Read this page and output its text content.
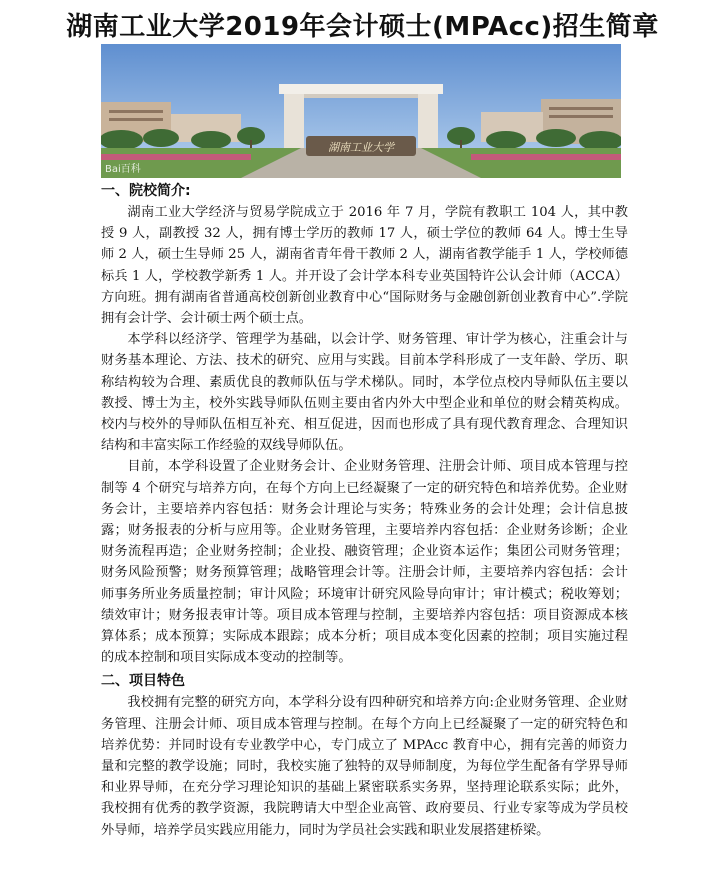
湖南工业大学2019年会计硕士(MPAcc)招生简章
湖南工业大学
Bai百科
一、院校简介:

湖南工业大学经济与贸易学院成立于 2016 年 7 月，学院有教职工 104 人，其中教授 9 人，副教授 32 人，拥有博士学历的教师 17 人，硕士学位的教师 64 人。博士生导师 2 人，硕士生导师 25 人，湖南省青年骨干教师 2 人，湖南省教学能手 1 人，学校师德标兵 1 人，学校教学新秀 1 人。并开设了会计学本科专业英国特许公认会计师（ACCA）方向班。拥有湖南省普通高校创新创业教育中心“国际财务与金融创新创业教育中心”.学院拥有会计学、会计硕士两个硕士点。

本学科以经济学、管理学为基础，以会计学、财务管理、审计学为核心，注重会计与财务基本理论、方法、技术的研究、应用与实践。目前本学科形成了一支年龄、学历、职称结构较为合理、素质优良的教师队伍与学术梯队。同时，本学位点校内导师队伍主要以教授、博士为主，校外实践导师队伍则主要由省内外大中型企业和单位的财会精英构成。校内与校外的导师队伍相互补充、相互促进，因而也形成了具有现代教育理念、合理知识结构和丰富实际工作经验的双线导师队伍。

目前，本学科设置了企业财务会计、企业财务管理、注册会计师、项目成本管理与控制等 4 个研究与培养方向，在每个方向上已经凝聚了一定的研究特色和培养优势。企业财务会计，主要培养内容包括：财务会计理论与实务；特殊业务的会计处理；会计信息披露；财务报表的分析与应用等。企业财务管理，主要培养内容包括：企业财务诊断；企业财务流程再造；企业财务控制；企业投、融资管理；企业资本运作；集团公司财务管理；财务风险预警；财务预算管理；战略管理会计等。注册会计师，主要培养内容包括：会计师事务所业务质量控制；审计风险；环境审计研究风险导向审计；审计模式；税收筹划；绩效审计；财务报表审计等。项目成本管理与控制，主要培养内容包括：项目资源成本核算体系；成本预算；实际成本跟踪；成本分析；项目成本变化因素的控制；项目实施过程的成本控制和项目实际成本变动的控制等。

二、项目特色

我校拥有完整的研究方向，本学科分设有四种研究和培养方向:企业财务管理、企业财务管理、注册会计师、项目成本管理与控制。在每个方向上已经凝聚了一定的研究特色和培养优势：并同时设有专业教学中心，专门成立了 MPAcc 教育中心，拥有完善的师资力量和完整的教学设施；同时，我校实施了独特的双导师制度，为每位学生配备有学界导师和业界导师，在充分学习理论知识的基础上紧密联系实务界，坚持理论联系实际；此外，我校拥有优秀的教学资源，我院聘请大中型企业高管、政府要员、行业专家等成为学员校外导师，培养学员实践应用能力，同时为学员社会实践和职业发展搭建桥梁。
